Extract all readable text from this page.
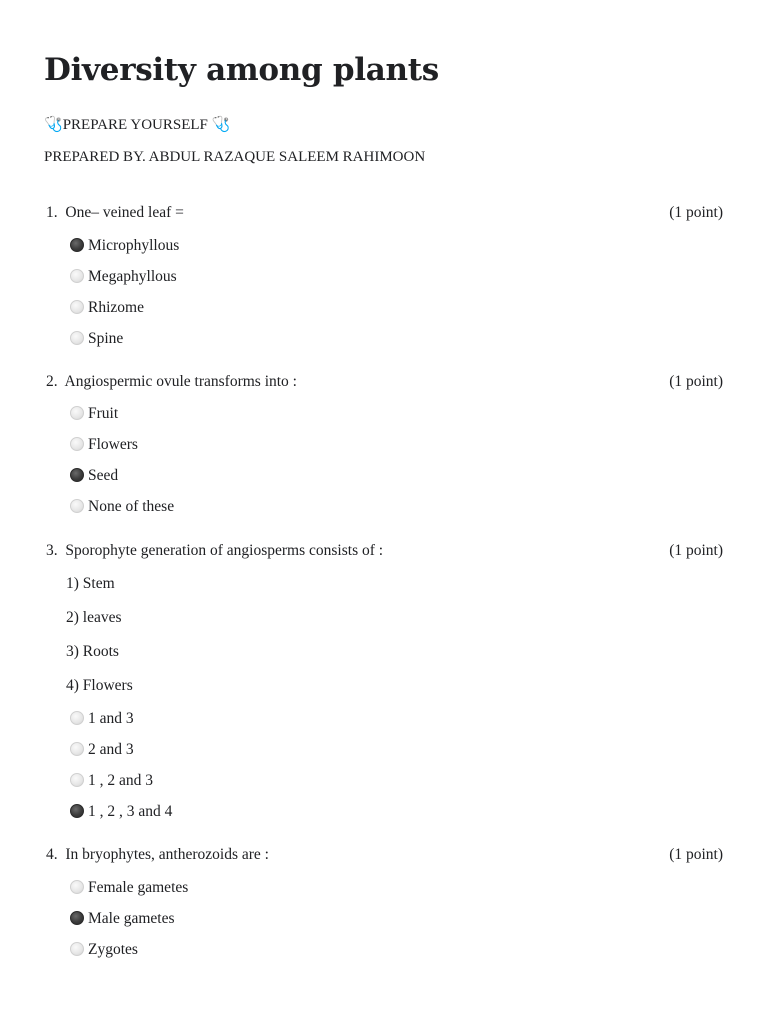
Diversity among plants
🩺PREPARE YOURSELF 🩺
PREPARED BY. ABDUL RAZAQUE SALEEM RAHIMOON
1. One– veined leaf =	(1 point)
Microphyllous
Megaphyllous
Rhizome
Spine
2. Angiospermic ovule transforms into :	(1 point)
Fruit
Flowers
Seed
None of these
3. Sporophyte generation of angiosperms consists of :	(1 point)
1) Stem
2) leaves
3) Roots
4) Flowers
1 and 3
2 and 3
1 , 2 and 3
1 , 2 , 3 and 4
4. In bryophytes, antherozoids are :	(1 point)
Female gametes
Male gametes
Zygotes
